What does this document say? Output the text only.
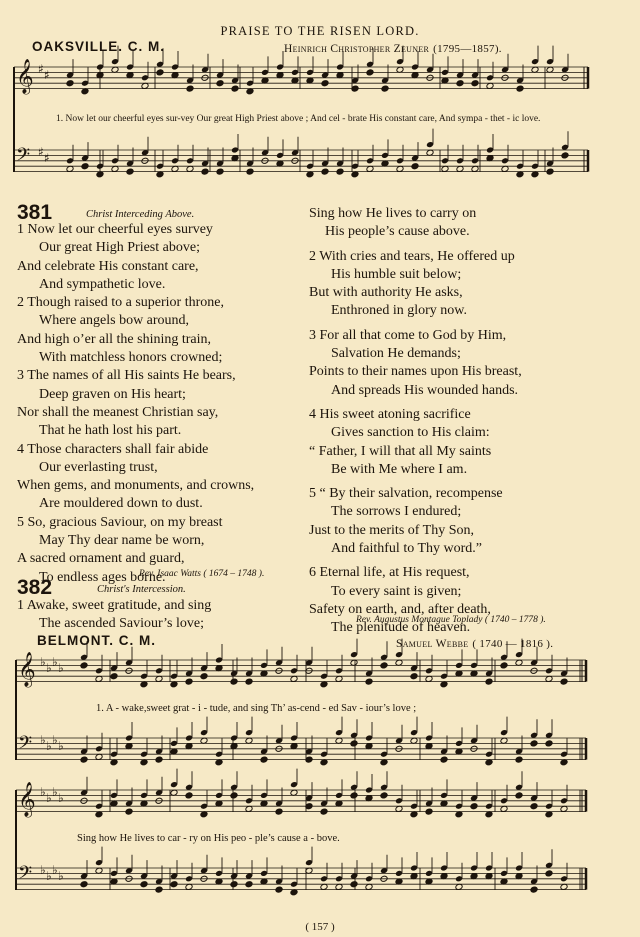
𝄞 ♯ ♯
𝄢 ♯ ♯
𝄞 ♭ ♭ ♭ ♭
𝄢 ♭ ♭ ♭ ♭
𝄞 ♭ ♭ ♭ ♭
𝄢 ♭ ♭ ♭ ♭
PRAISE TO THE RISEN LORD.
OAKSVILLE. C. M.	Heinrich Christopher Zeuner (1795—1857).
1. Now let our cheerful eyes sur-vey Our great High Priest above ; And cel - brate His constant care, And sympa - thet - ic love.
381	Christ Interceding Above.
1 Now let our cheerful eyes survey
Our great High Priest above;
And celebrate His constant care,
And sympathetic love.
2 Though raised to a superior throne,
Where angels bow around,
And high o’er all the shining train,
With matchless honors crowned;
3 The names of all His saints He bears,
Deep graven on His heart;
Nor shall the meanest Christian say,
That he hath lost his part.
4 Those characters shall fair abide
Our everlasting trust,
When gems, and monuments, and crowns,
Are mouldered down to dust.
5 So, gracious Saviour, on my breast
May Thy dear name be worn,
A sacred ornament and guard,
To endless ages borne.
Rev. Isaac Watts ( 1674 – 1748 ).
382	Christ's Intercession.
1 Awake, sweet gratitude, and sing
The ascended Saviour’s love;
Sing how He lives to carry on
His people’s cause above.
2 With cries and tears, He offered up
His humble suit below;
But with authority He asks,
Enthroned in glory now.
3 For all that come to God by Him,
Salvation He demands;
Points to their names upon His breast,
And spreads His wounded hands.
4 His sweet atoning sacrifice
Gives sanction to His claim:
“ Father, I will that all My saints
Be with Me where I am.
5 “ By their salvation, recompense
The sorrows I endured;
Just to the merits of Thy Son,
And faithful to Thy word.”
6 Eternal life, at His request,
To every saint is given;
Safety on earth, and, after death,
The plenitude of heaven.
Rev. Augustus Montague Toplady ( 1740 – 1778 ).
BELMONT. C. M.	Samuel Webbe ( 1740 — 1816 ).
1. A - wake,sweet grat - i - tude, and sing Th’ as-cend - ed Sav - iour’s love ;
Sing how He lives to car - ry on His peo - ple’s cause a - bove.
( 157 )
